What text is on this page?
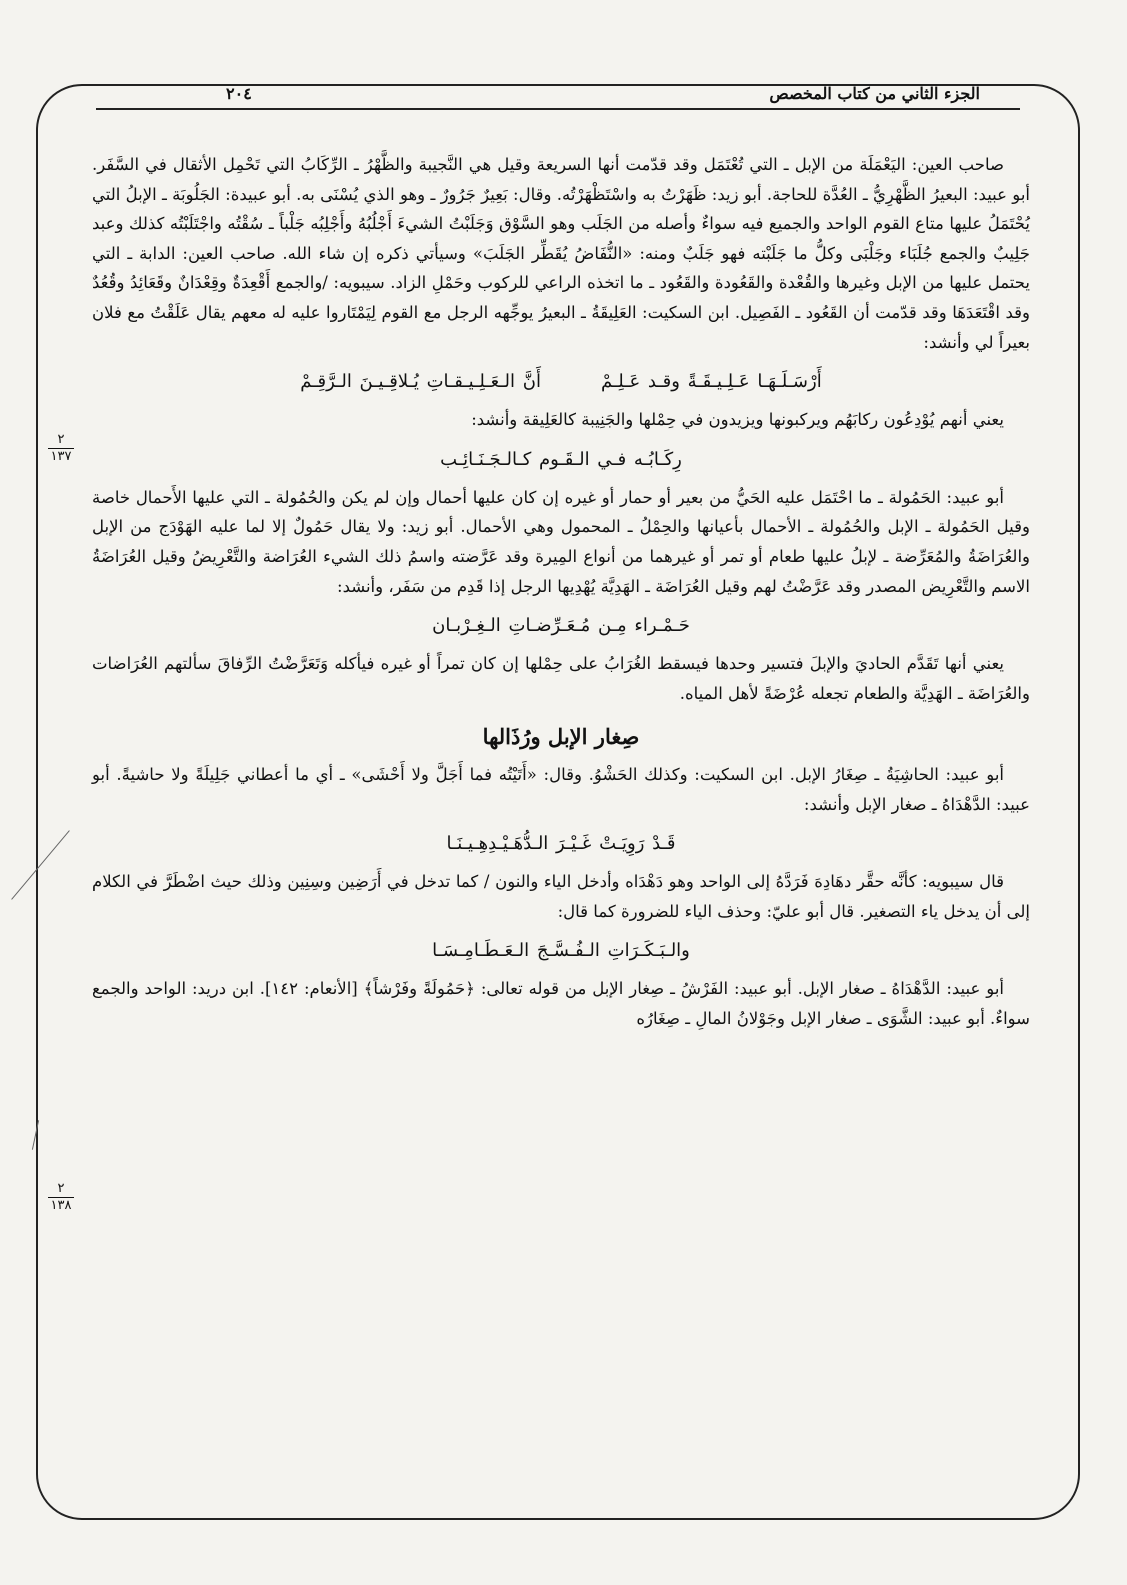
الجزء الثاني من كتاب المخصص
٢٠٤
٢
١٣٧
٢
١٣٨

صاحب العين: اليَعْمَلَة من الإبل ـ التي تُعْتَمَل وقد قدّمت أنها السريعة وقيل هي النَّجيبة والظَّهْرُ ـ الرِّكَابُ التي تَحْمِل الأثقال في السَّفَر. أبو عبيد: البعيرُ الظَّهْرِيُّ ـ العُدَّة للحاجة. أبو زيد: ظَهَرْتُ به واسْتَظْهَرْتُه. وقال: بَعِيرٌ جَرُورٌ ـ وهو الذي يُسْنَى به. أبو عبيدة: الجَلُوبَة ـ الإبلُ التي يُحْتَمَلُ عليها متاع القوم الواحد والجميع فيه سواءٌ وأصله من الجَلَب وهو السَّوْق وَجَلَبْتُ الشيءَ أَجْلُبُهُ وأَجْلِبُه جَلْباً ـ سُقْتُه واجْتَلَبْتُه كذلك وعبد جَلِيبٌ والجمع جُلَبَاء وجَلْبَى وكلُّ ما جَلَبْته فهو جَلَبٌ ومنه: «النُّفَاضُ يُقَطِّر الجَلَبَ» وسيأتي ذكره إن شاء الله. صاحب العين: الدابة ـ التي يحتمل عليها من الإبل وغيرها والقُعْدة والقَعُودة والقَعُود ـ ما اتخذه الراعي للركوب وحَمْلِ الزاد. سيبويه: /والجمع أَقْعِدَةٌ وقِعْدَانٌ وقَعَائِدُ وقُعُدٌ وقد اقْتَعَدَهَا وقد قدّمت أن القَعُود ـ الفَصِيل. ابن السكيت: العَلِيقَةُ ـ البعيرُ يوجِّهه الرجل مع القوم لِيَمْتَاروا عليه له معهم يقال عَلَقْتُ مع فلان بعيراً لي وأنشد:

أَرْسَـلَـهَـا عَـلِـيـقَـةً وقـد عَـلِـمْأَنَّ الـعَـلِـيـقـاتِ يُـلاقِـيـنَ الـرَّقِـمْ

يعني أنهم يُوْدِعُون ركابَهُم ويركبونها ويزيدون في حِمْلها والجَنِيبة كالعَلِيقة وأنشد:

رِكَـابُـه فـي الـقَـوم كـالـجَـنَـائِـب

أبو عبيد: الحَمُولة ـ ما احْتَمَل عليه الحَيُّ من بعير أو حمار أو غيره إن كان عليها أحمال وإن لم يكن والحُمُولة ـ التي عليها الأَحمال خاصة وقيل الحَمُولة ـ الإبل والحُمُولة ـ الأحمال بأعيانها والحِمْلُ ـ المحمول وهي الأحمال. أبو زيد: ولا يقال حَمُولٌ إلا لما عليه الهَوْدَج من الإبل والعُرَاضَةُ والمُعَرِّضة ـ لإبلُ عليها طعام أو تمر أو غيرهما من أنواع المِيرة وقد عَرَّضته واسمُ ذلك الشيء العُرَاضة والتَّعْرِيضُ وقيل العُرَاضَةُ الاسم والتَّعْرِيض المصدر وقد عَرَّضْتُ لهم وقيل العُرَاضَة ـ الهَدِيَّة يُهْدِيها الرجل إذا قَدِم من سَفَر، وأنشد:

حَـمْـراء مِـن مُـعَـرِّضـاتِ الـغِـرْبـان

يعني أنها تَقَدَّم الحاديَ والإبلَ فتسير وحدها فيسقط الغُرَابُ على حِمْلها إن كان تمراً أو غيره فيأكله وَتَعَرَّضْتُ الرِّفاقَ سألتهم العُرَاضات والعُرَاضَة ـ الهَدِيَّة والطعام تجعله عُرْضَةً لأهل المياه.

صِغار الإبل ورُذَالها

أبو عبيد: الحاشِيَةُ ـ صِغَارُ الإبل. ابن السكيت: وكذلك الحَشْوُ. وقال: «أَتَيْتُه فما أَجَلَّ ولا أَحْشَى» ـ أي ما أعطاني جَلِيلَةً ولا حاشيةً. أبو عبيد: الدَّهْدَاهُ ـ صغار الإبل وأنشد:

قَـدْ رَوِيَـتْ غَـيْـرَ الـدُّهَـيْـدِهِـيـنَـا

قال سيبويه: كأنَّه حقَّر دهَادِهَ فَرَدَّهُ إلى الواحد وهو دَهْدَاه وأدخل الياء والنون / كما تدخل في أَرَضِين وسِنِين وذلك حيث اضْطَرَّ في الكلام إلى أن يدخل ياء التصغير. قال أبو عليّ: وحذف الياء للضرورة كما قال:

والـبَـكَـرَاتِ الـفُـسَّـجَ الـعَـطَـامِـسَـا

أبو عبيد: الدَّهْدَاهُ ـ صغار الإبل. أبو عبيد: الفَرْشُ ـ صِغار الإبل من قوله تعالى: ﴿حَمُولَةً وفَرْشاً﴾ [الأنعام: ١٤٢]. ابن دريد: الواحد والجمع سواءٌ. أبو عبيد: الشَّوَى ـ صغار الإبل وجَوْلانُ المالِ ـ صِغَارُه
